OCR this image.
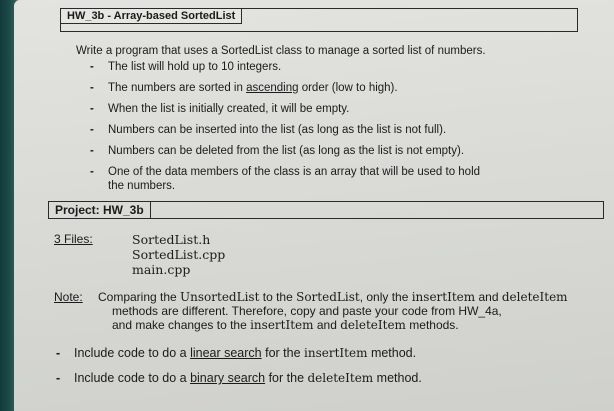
HW_3b - Array-based SortedList
Write a program that uses a SortedList class to manage a sorted list of numbers.
- The list will hold up to 10 integers.
- The numbers are sorted in ascending order (low to high).
- When the list is initially created, it will be empty.
- Numbers can be inserted into the list (as long as the list is not full).
- Numbers can be deleted from the list (as long as the list is not empty).
- One of the data members of the class is an array that will be used to hold
the numbers.
Project: HW_3b
3 Files:	SortedList.h
SortedList.cpp
main.cpp
Note: Comparing the UnsortedList to the SortedList, only the insertItem and deleteItem
methods are different. Therefore, copy and paste your code from HW_4a,
and make changes to the insertItem and deleteItem methods.
- Include code to do a linear search for the insertItem method.
- Include code to do a binary search for the deleteItem method.
